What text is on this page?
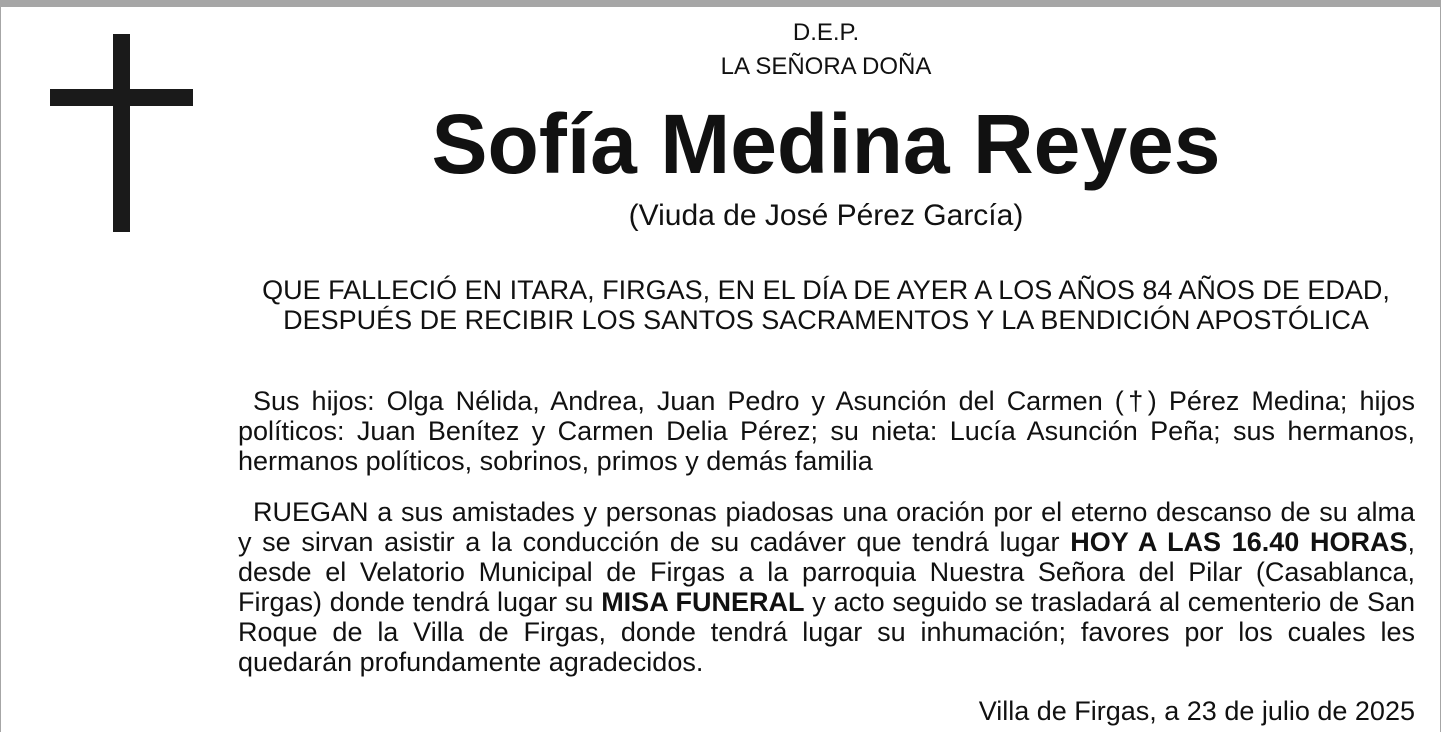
D.E.P.
LA SEÑORA DOÑA
Sofía Medina Reyes
(Viuda de José Pérez García)
QUE FALLECIÓ EN ITARA, FIRGAS, EN EL DÍA DE AYER A LOS AÑOS 84 AÑOS DE EDAD, DESPUÉS DE RECIBIR LOS SANTOS SACRAMENTOS Y LA BENDICIÓN APOSTÓLICA
Sus hijos: Olga Nélida, Andrea, Juan Pedro y Asunción del Carmen (†) Pérez Medina; hijos políticos: Juan Benítez y Carmen Delia Pérez; su nieta: Lucía Asunción Peña; sus hermanos, hermanos políticos, sobrinos, primos y demás familia
RUEGAN a sus amistades y personas piadosas una oración por el eterno descanso de su alma y se sirvan asistir a la conducción de su cadáver que tendrá lugar HOY A LAS 16.40 HORAS, desde el Velatorio Municipal de Firgas a la parroquia Nuestra Señora del Pilar (Casablanca, Firgas) donde tendrá lugar su MISA FUNERAL y acto seguido se trasladará al cementerio de San Roque de la Villa de Firgas, donde tendrá lugar su inhumación; favores por los cuales les quedarán profundamente agradecidos.
Villa de Firgas, a 23 de julio de 2025
